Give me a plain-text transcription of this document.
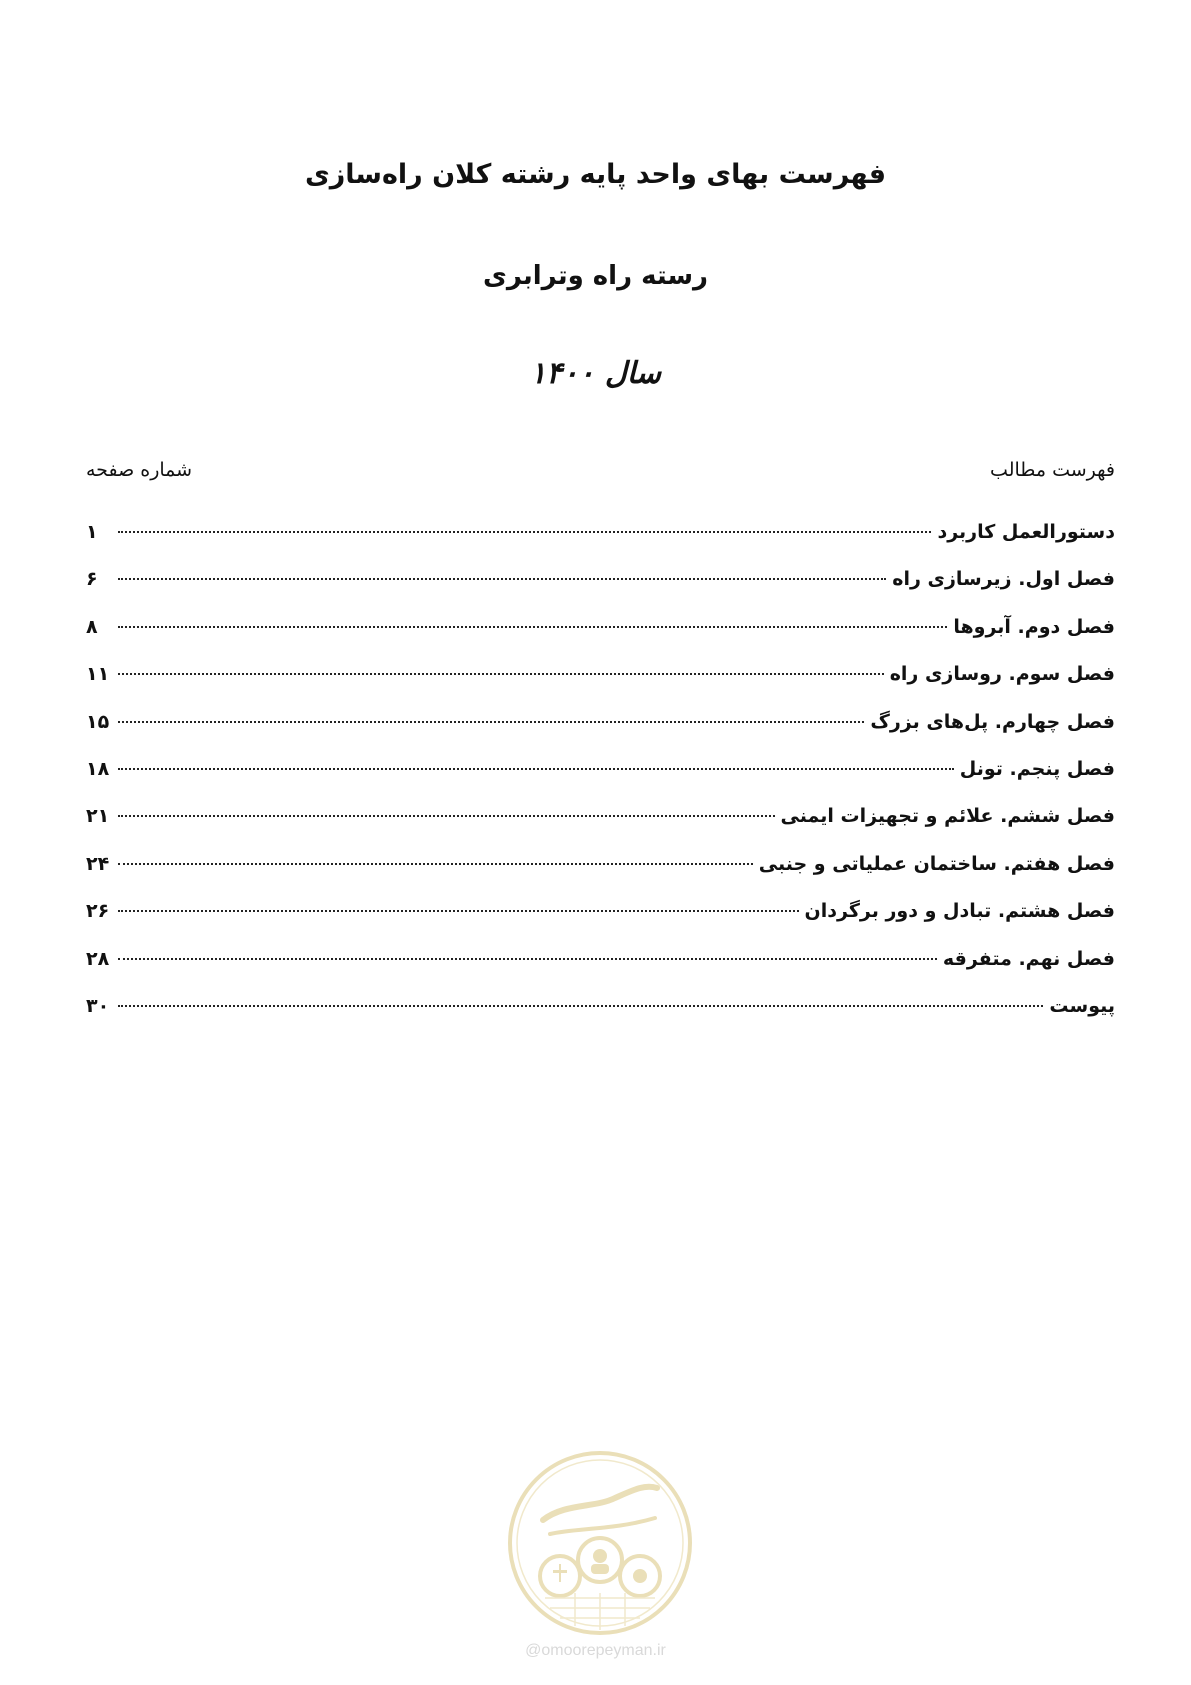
فهرست بهای واحد پایه رشته کلان راه‌سازی
رسته راه وترابری
سال ۱۴۰۰
فهرست مطالب
شماره صفحه
دستورالعمل کاربرد
۱
فصل اول. زیرسازی راه
۶
فصل دوم. آبروها
۸
فصل سوم. روسازی راه
۱۱
فصل چهارم. پل‌های بزرگ
۱۵
فصل پنجم. تونل
۱۸
فصل ششم. علائم و تجهیزات ایمنی
۲۱
فصل هفتم. ساختمان عملیاتی و جنبی
۲۴
فصل هشتم. تبادل و دور برگردان
۲۶
فصل نهم. متفرقه
۲۸
پیوست
۳۰
@omoorepeyman.ir
